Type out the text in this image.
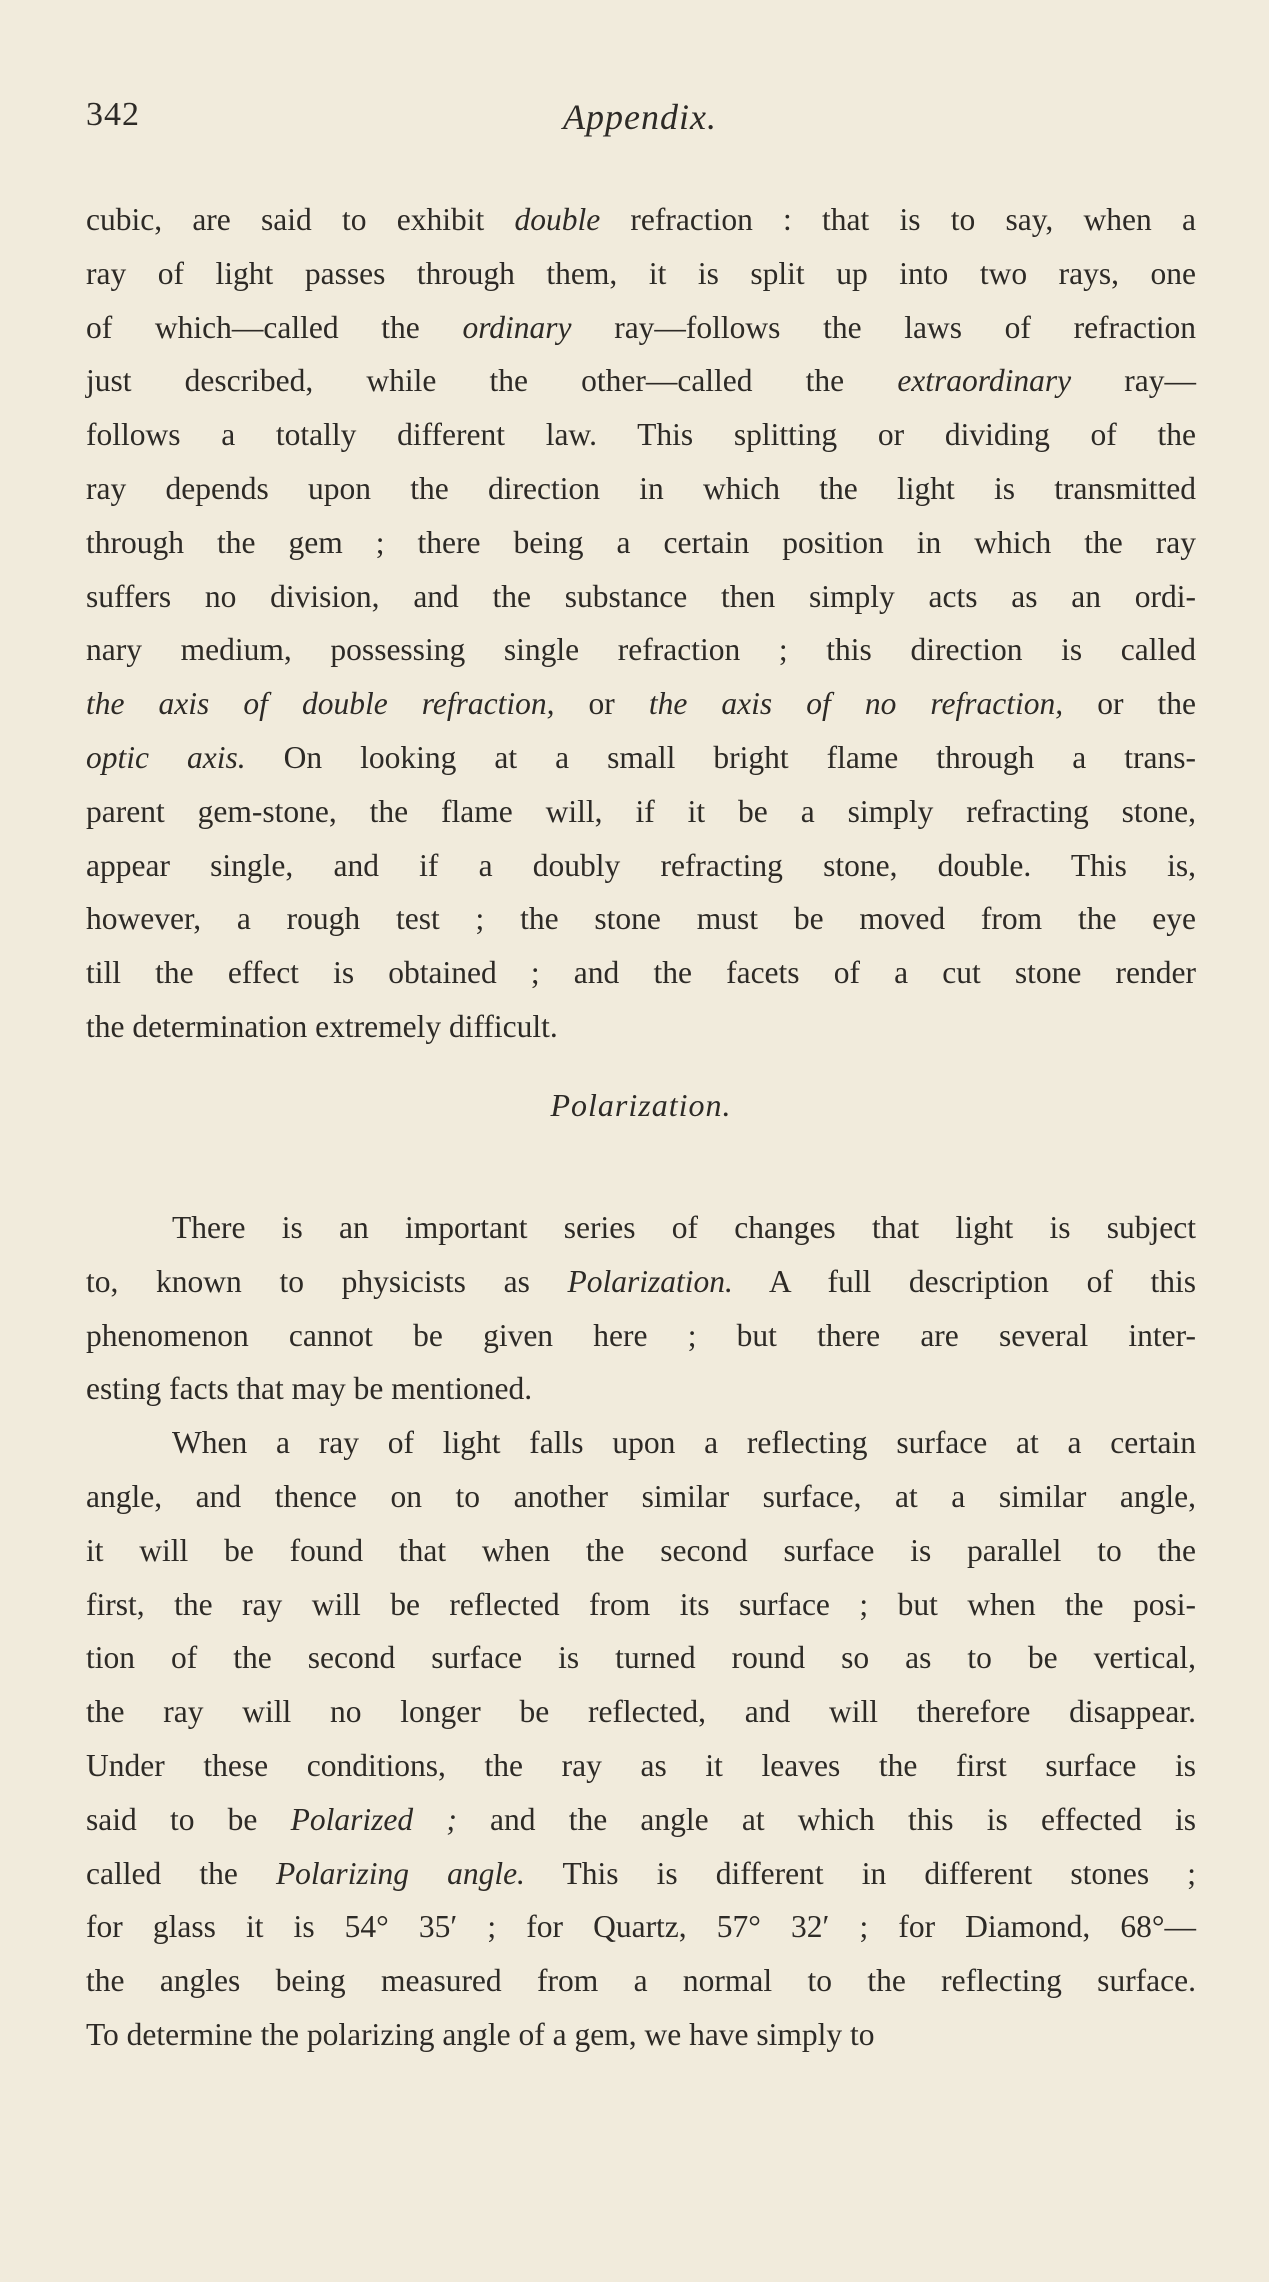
342	Appendix.
cubic, are said to exhibit double refraction : that is to say, when a
ray of light passes through them, it is split up into two rays, one
of which—called the ordinary ray—follows the laws of refraction
just described, while the other—called the extraordinary ray—
follows a totally different law. This splitting or dividing of the
ray depends upon the direction in which the light is transmitted
through the gem ; there being a certain position in which the ray
suffers no division, and the substance then simply acts as an ordi-
nary medium, possessing single refraction ; this direction is called
the axis of double refraction, or the axis of no refraction, or the
optic axis. On looking at a small bright flame through a trans-
parent gem-stone, the flame will, if it be a simply refracting stone,
appear single, and if a doubly refracting stone, double. This is,
however, a rough test ; the stone must be moved from the eye
till the effect is obtained ; and the facets of a cut stone render
the determination extremely difficult.
Polarization.
There is an important series of changes that light is subject
to, known to physicists as Polarization. A full description of this
phenomenon cannot be given here ; but there are several inter-
esting facts that may be mentioned.
When a ray of light falls upon a reflecting surface at a certain
angle, and thence on to another similar surface, at a similar angle,
it will be found that when the second surface is parallel to the
first, the ray will be reflected from its surface ; but when the posi-
tion of the second surface is turned round so as to be vertical,
the ray will no longer be reflected, and will therefore disappear.
Under these conditions, the ray as it leaves the first surface is
said to be Polarized ; and the angle at which this is effected is
called the Polarizing angle. This is different in different stones ;
for glass it is 54° 35′ ; for Quartz, 57° 32′ ; for Diamond, 68°—
the angles being measured from a normal to the reflecting surface.
To determine the polarizing angle of a gem, we have simply to
